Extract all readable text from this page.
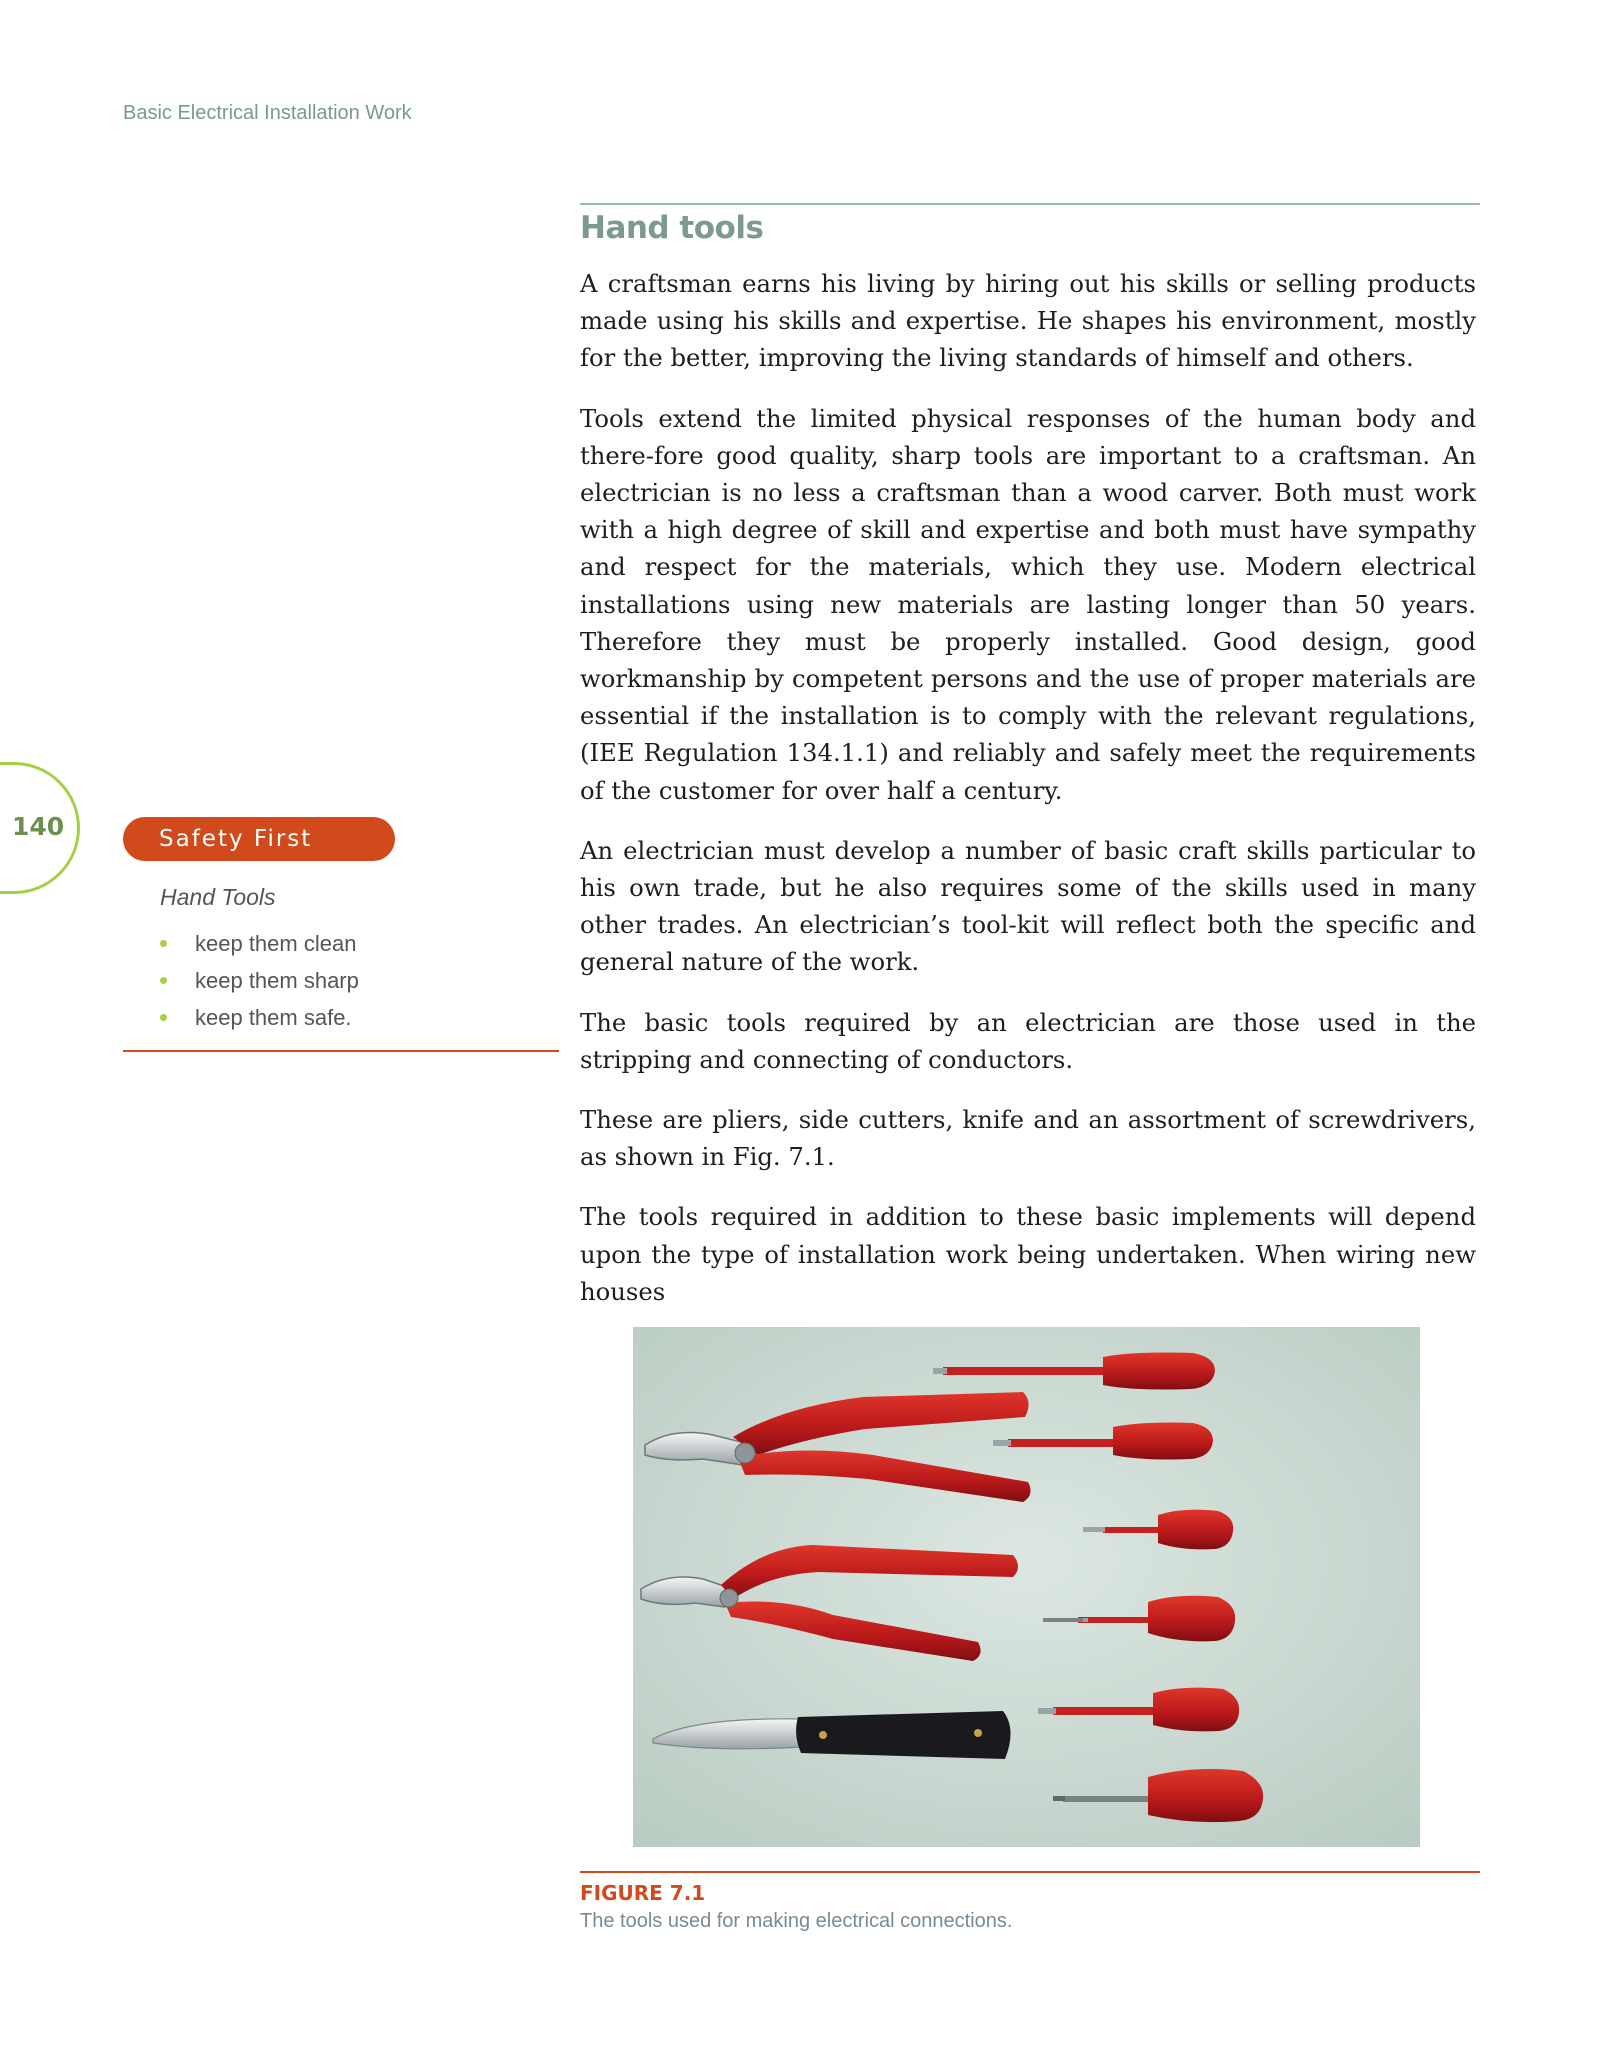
Basic Electrical Installation Work
Hand tools

A craftsman earns his living by hiring out his skills or selling products made using his skills and expertise. He shapes his environment, mostly for the better, improving the living standards of himself and others.

Tools extend the limited physical responses of the human body and there-fore good quality, sharp tools are important to a craftsman. An electrician is no less a craftsman than a wood carver. Both must work with a high degree of skill and expertise and both must have sympathy and respect for the materials, which they use. Modern electrical installations using new materials are lasting longer than 50 years. Therefore they must be properly installed. Good design, good workmanship by competent persons and the use of proper materials are essential if the installation is to comply with the relevant regulations, (IEE Regulation 134.1.1) and reliably and safely meet the requirements of the customer for over half a century.

An electrician must develop a number of basic craft skills particular to his own trade, but he also requires some of the skills used in many other trades. An electrician’s tool-kit will reflect both the specific and general nature of the work.

The basic tools required by an electrician are those used in the stripping and connecting of conductors.

These are pliers, side cutters, knife and an assortment of screwdrivers, as shown in Fig. 7.1.

The tools required in addition to these basic implements will depend upon the type of installation work being undertaken. When wiring new houses

140	Safety First
Hand Tools
keep them clean
keep them sharp
keep them safe.
FIGURE 7.1
The tools used for making electrical connections.
